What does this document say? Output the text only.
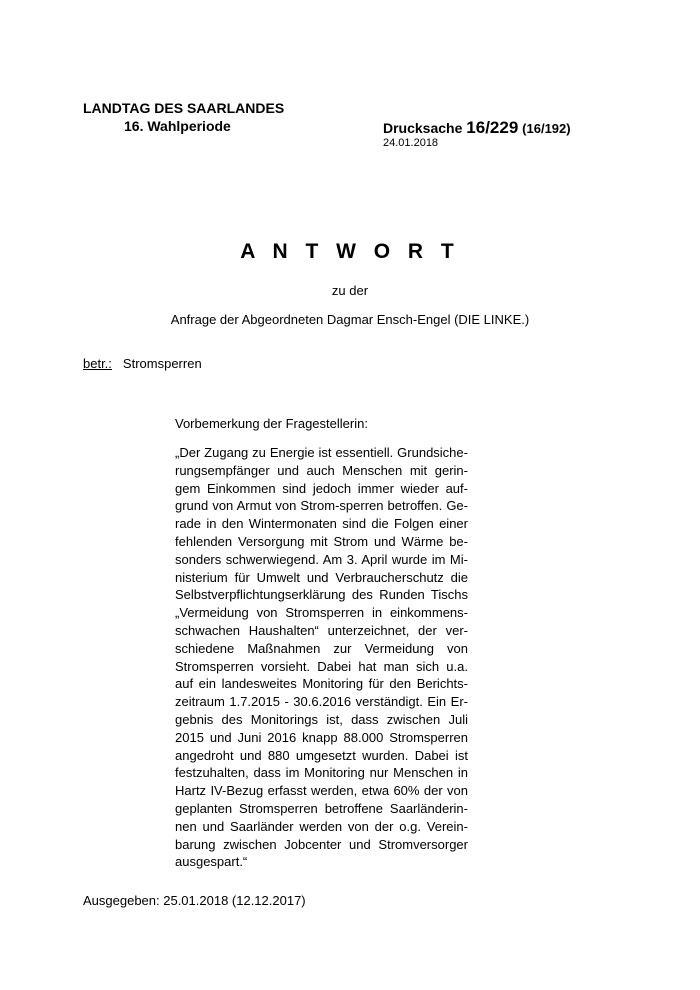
LANDTAG DES SAARLANDES
16. Wahlperiode	Drucksache 16/229 (16/192)
24.01.2018
A N T W O R T
zu der
Anfrage der Abgeordneten Dagmar Ensch-Engel (DIE LINKE.)
betr.: Stromsperren
Vorbemerkung der Fragestellerin:
„Der Zugang zu Energie ist essentiell. Grundsicherungsempfänger und auch Menschen mit geringem Einkommen sind jedoch immer wieder aufgrund von Armut von Strom-sperren betroffen. Gerade in den Wintermonaten sind die Folgen einer fehlenden Versorgung mit Strom und Wärme besonders schwerwiegend. Am 3. April wurde im Ministerium für Umwelt und Verbraucherschutz die Selbstverpflichtungserklärung des Runden Tischs „Vermeidung von Stromsperren in einkommensschwachen Haushalten“ unterzeichnet, der verschiedene Maßnahmen zur Vermeidung von Stromsperren vorsieht. Dabei hat man sich u.a. auf ein landesweites Monitoring für den Berichtszeitraum 1.7.2015 - 30.6.2016 verständigt. Ein Ergebnis des Monitorings ist, dass zwischen Juli 2015 und Juni 2016 knapp 88.000 Stromsperren angedroht und 880 umgesetzt wurden. Dabei ist festzuhalten, dass im Monitoring nur Menschen in Hartz IV-Bezug erfasst werden, etwa 60% der von geplanten Stromsperren betroffene Saarländerinnen und Saarländer werden von der o.g. Vereinbarung zwischen Jobcenter und Stromversorger ausgespart.“
Ausgegeben: 25.01.2018 (12.12.2017)
